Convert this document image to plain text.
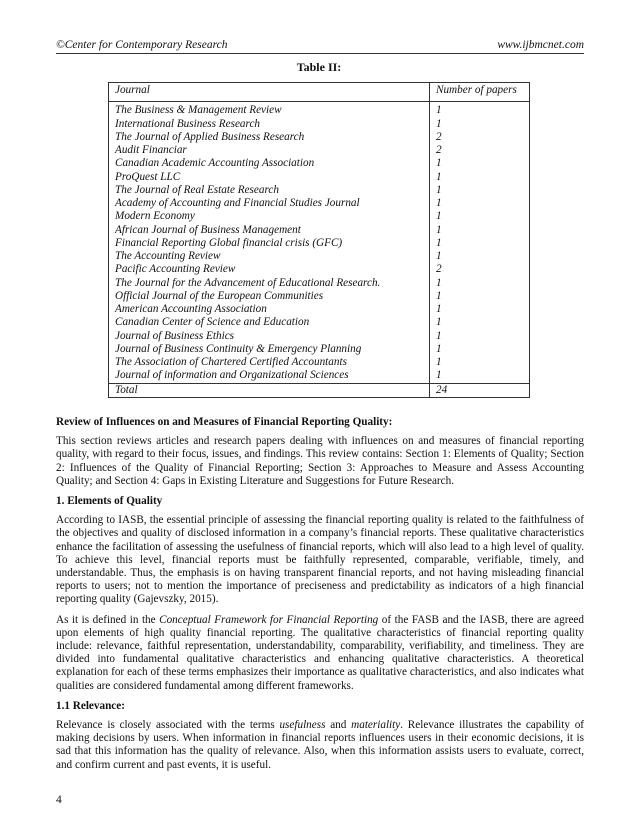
©Center for Contemporary Research	www.ijbmcnet.com
Table II:
Journal	Number of papers
The Business & Management Review	1
International Business Research	1
The Journal of Applied Business Research	2
Audit Financiar	2
Canadian Academic Accounting Association	1
ProQuest LLC	1
The Journal of Real Estate Research	1
Academy of Accounting and Financial Studies Journal	1
Modern Economy	1
African Journal of Business Management	1
Financial Reporting Global financial crisis (GFC)	1
The Accounting Review	1
Pacific Accounting Review	2
The Journal for the Advancement of Educational Research.	1
Official Journal of the European Communities	1
American Accounting Association	1
Canadian Center of Science and Education	1
Journal of Business Ethics	1
Journal of Business Continuity & Emergency Planning	1
The Association of Chartered Certified Accountants	1
Journal of information and Organizational Sciences	1
Total	24
Review of Influences on and Measures of Financial Reporting Quality:

This section reviews articles and research papers dealing with influences on and measures of financial reporting quality, with regard to their focus, issues, and findings. This review contains: Section 1: Elements of Quality; Section 2: Influences of the Quality of Financial Reporting; Section 3: Approaches to Measure and Assess Accounting Quality; and Section 4: Gaps in Existing Literature and Suggestions for Future Research.

1. Elements of Quality

According to IASB, the essential principle of assessing the financial reporting quality is related to the faithfulness of the objectives and quality of disclosed information in a company’s financial reports. These qualitative characteristics enhance the facilitation of assessing the usefulness of financial reports, which will also lead to a high level of quality. To achieve this level, financial reports must be faithfully represented, comparable, verifiable, timely, and understandable. Thus, the emphasis is on having transparent financial reports, and not having misleading financial reports to users; not to mention the importance of preciseness and predictability as indicators of a high financial reporting quality (Gajevszky, 2015).

As it is defined in the Conceptual Framework for Financial Reporting of the FASB and the IASB, there are agreed upon elements of high quality financial reporting. The qualitative characteristics of financial reporting quality include: relevance, faithful representation, understandability, comparability, verifiability, and timeliness. They are divided into fundamental qualitative characteristics and enhancing qualitative characteristics. A theoretical explanation for each of these terms emphasizes their importance as qualitative characteristics, and also indicates what qualities are considered fundamental among different frameworks.

1.1 Relevance:

Relevance is closely associated with the terms usefulness and materiality. Relevance illustrates the capability of making decisions by users. When information in financial reports influences users in their economic decisions, it is sad that this information has the quality of relevance. Also, when this information assists users to evaluate, correct, and confirm current and past events, it is useful.

4
